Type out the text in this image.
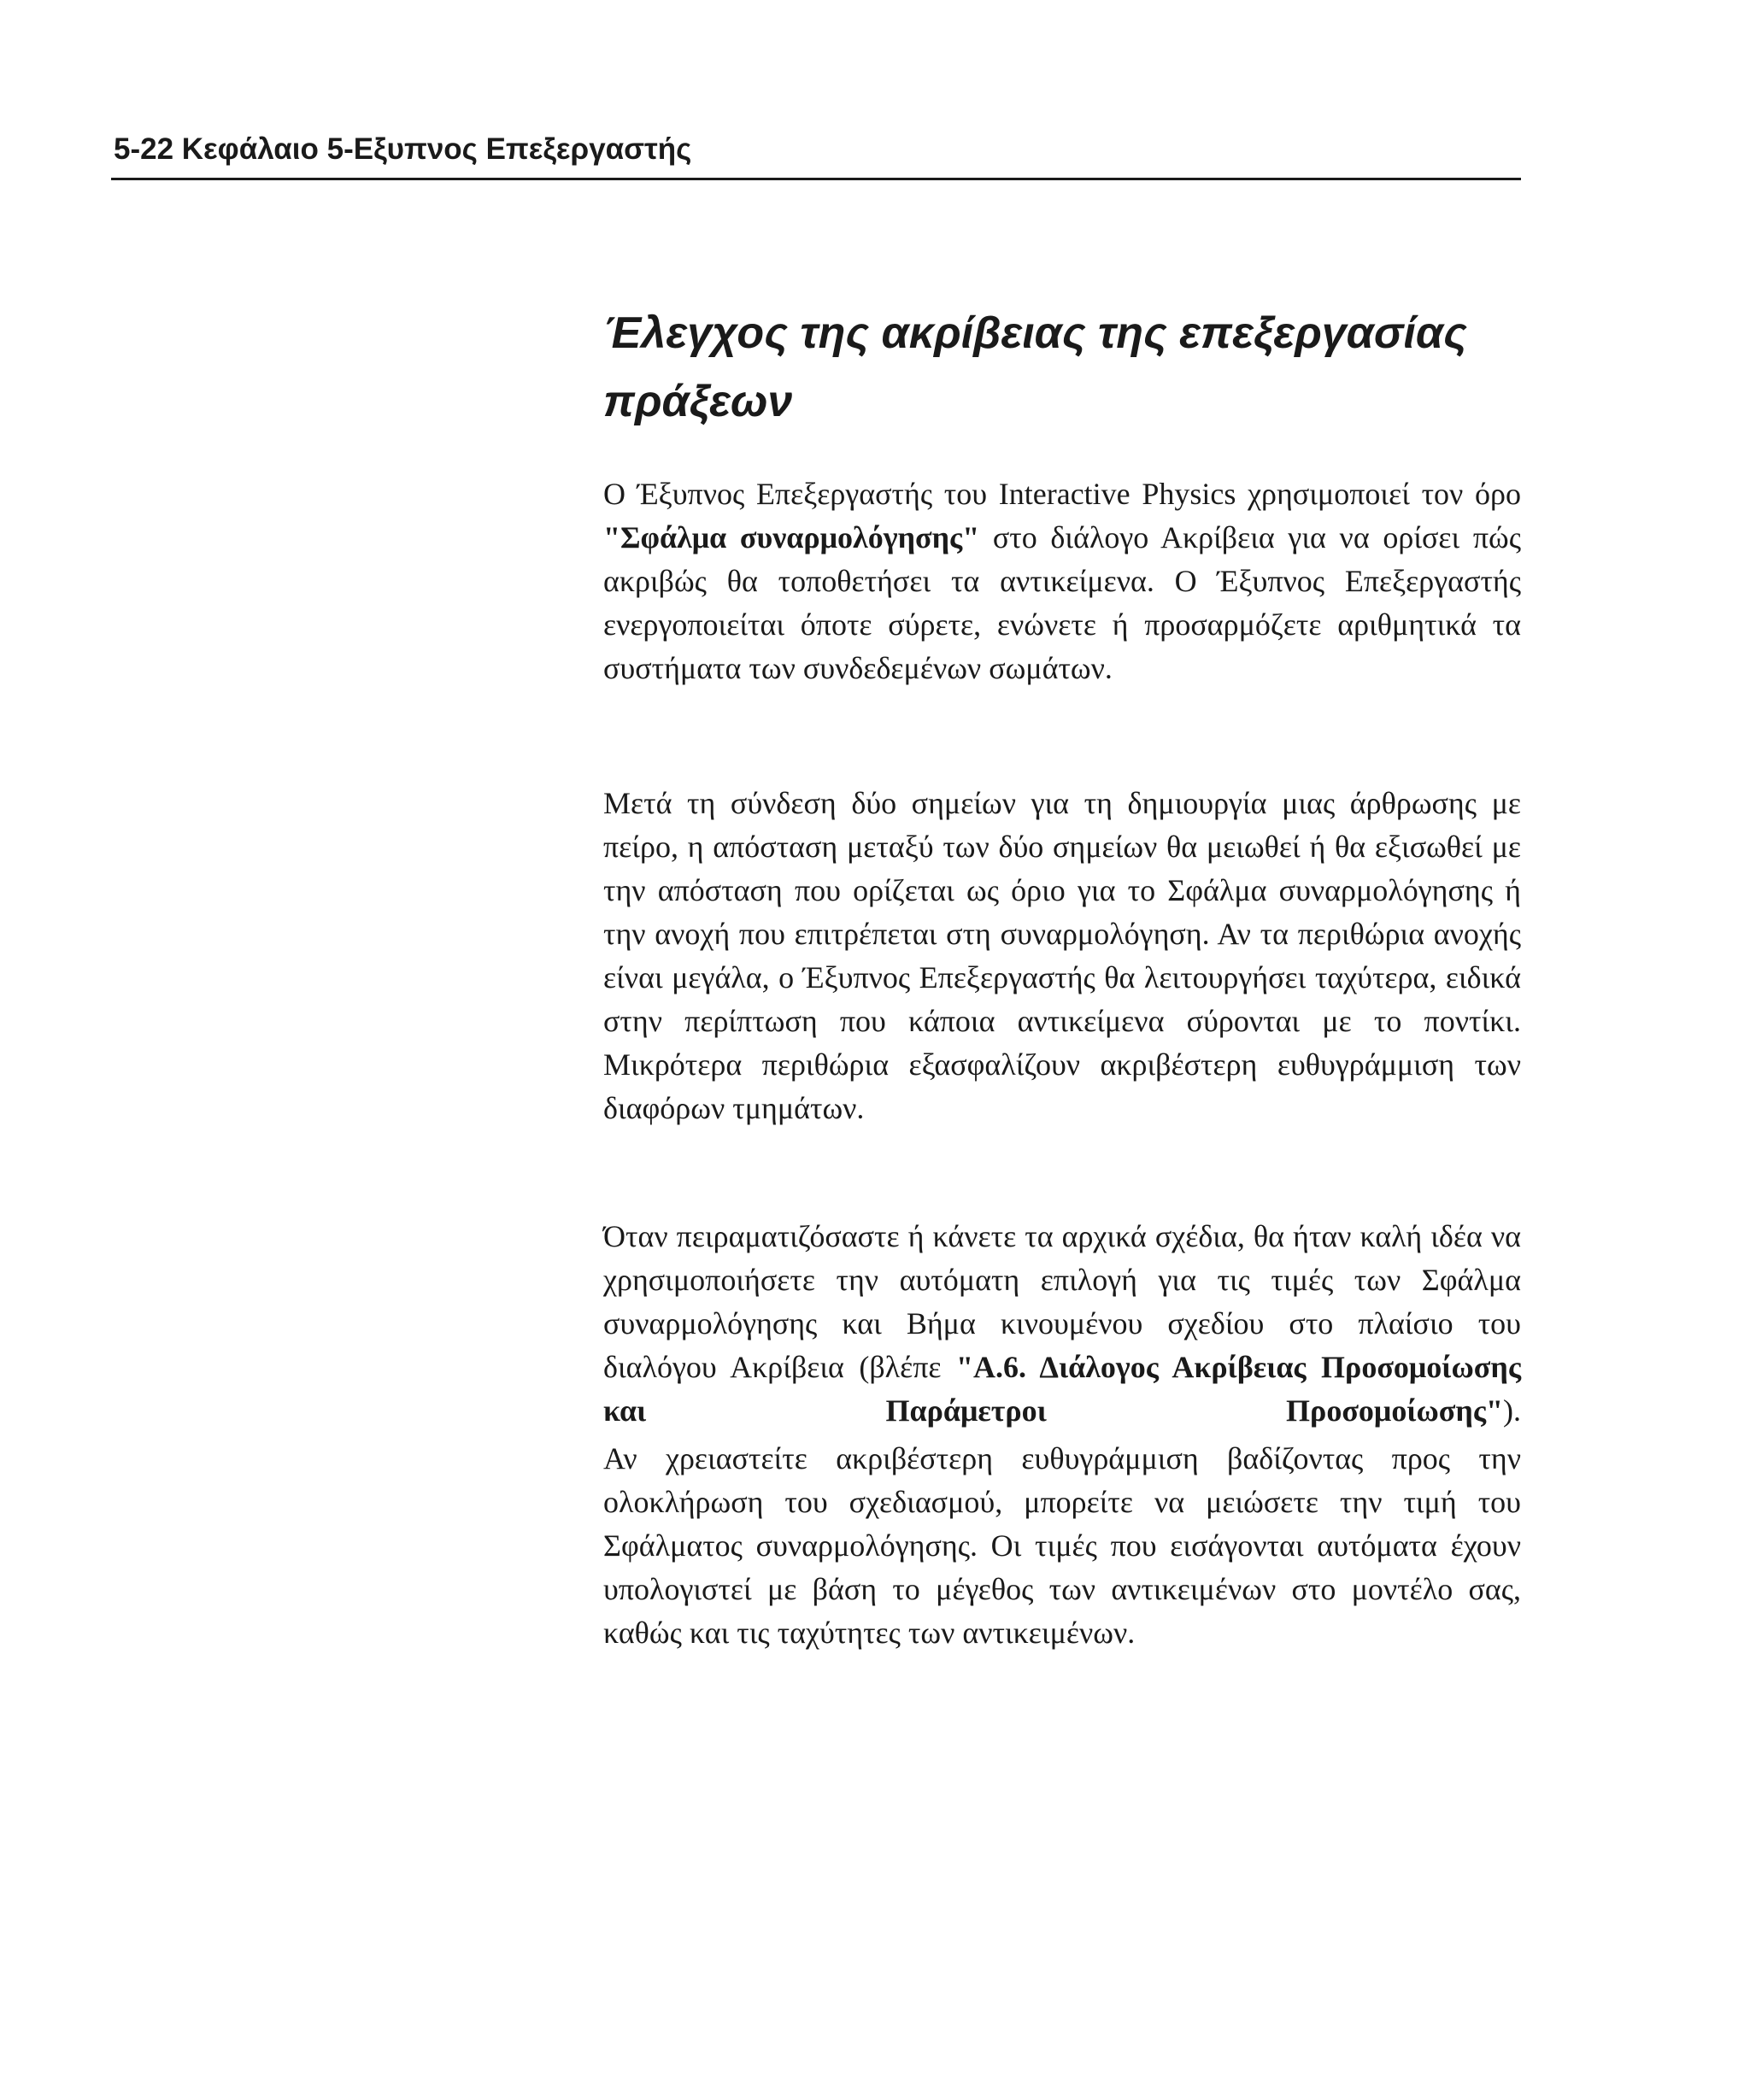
5-22 Κεφάλαιο 5-Εξυπνος Επεξεργαστής
Έλεγχος της ακρίβειας της επεξεργασίας πράξεων

Ο Έξυπνος Επεξεργαστής του Interactive Physics χρησιμοποιεί τον όρο "Σφάλμα συναρμολόγησης" στο διάλογο Ακρίβεια για να ορίσει πώς ακριβώς θα τοποθετήσει τα αντικείμενα. Ο Έξυπνος Επεξεργαστής ενεργοποιείται όποτε σύρετε, ενώνετε ή προσαρμόζετε αριθμητικά τα συστήματα των συνδεδεμένων σωμάτων.

Μετά τη σύνδεση δύο σημείων για τη δημιουργία μιας άρθρωσης με πείρο, η απόσταση μεταξύ των δύο σημείων θα μειωθεί ή θα εξισωθεί με την απόσταση που ορίζεται ως όριο για το Σφάλμα συναρμολόγησης ή την ανοχή που επιτρέπεται στη συναρμολόγηση. Αν τα περιθώρια ανοχής είναι μεγάλα, ο Έξυπνος Επεξεργαστής θα λειτουργήσει ταχύτερα, ειδικά στην περίπτωση που κάποια αντικείμενα σύρονται με το ποντίκι. Μικρότερα περιθώρια εξασφαλίζουν ακριβέστερη ευθυγράμμιση των διαφόρων τμημάτων.

Όταν πειραματιζόσαστε ή κάνετε τα αρχικά σχέδια, θα ήταν καλή ιδέα να χρησιμοποιήσετε την αυτόματη επιλογή για τις τιμές των Σφάλμα συναρμολόγησης και Βήμα κινουμένου σχεδίου στο πλαίσιο του διαλόγου Ακρίβεια (βλέπε "Α.6. Διάλογος Ακρίβειας Προσομοίωσης και Παράμετροι Προσομοίωσης").

Αν χρειαστείτε ακριβέστερη ευθυγράμμιση βαδίζοντας προς την ολοκλήρωση του σχεδιασμού, μπορείτε να μειώσετε την τιμή του Σφάλματος συναρμολόγησης. Οι τιμές που εισάγονται αυτόματα έχουν υπολογιστεί με βάση το μέγεθος των αντικειμένων στο μοντέλο σας, καθώς και τις ταχύτητες των αντικειμένων.
